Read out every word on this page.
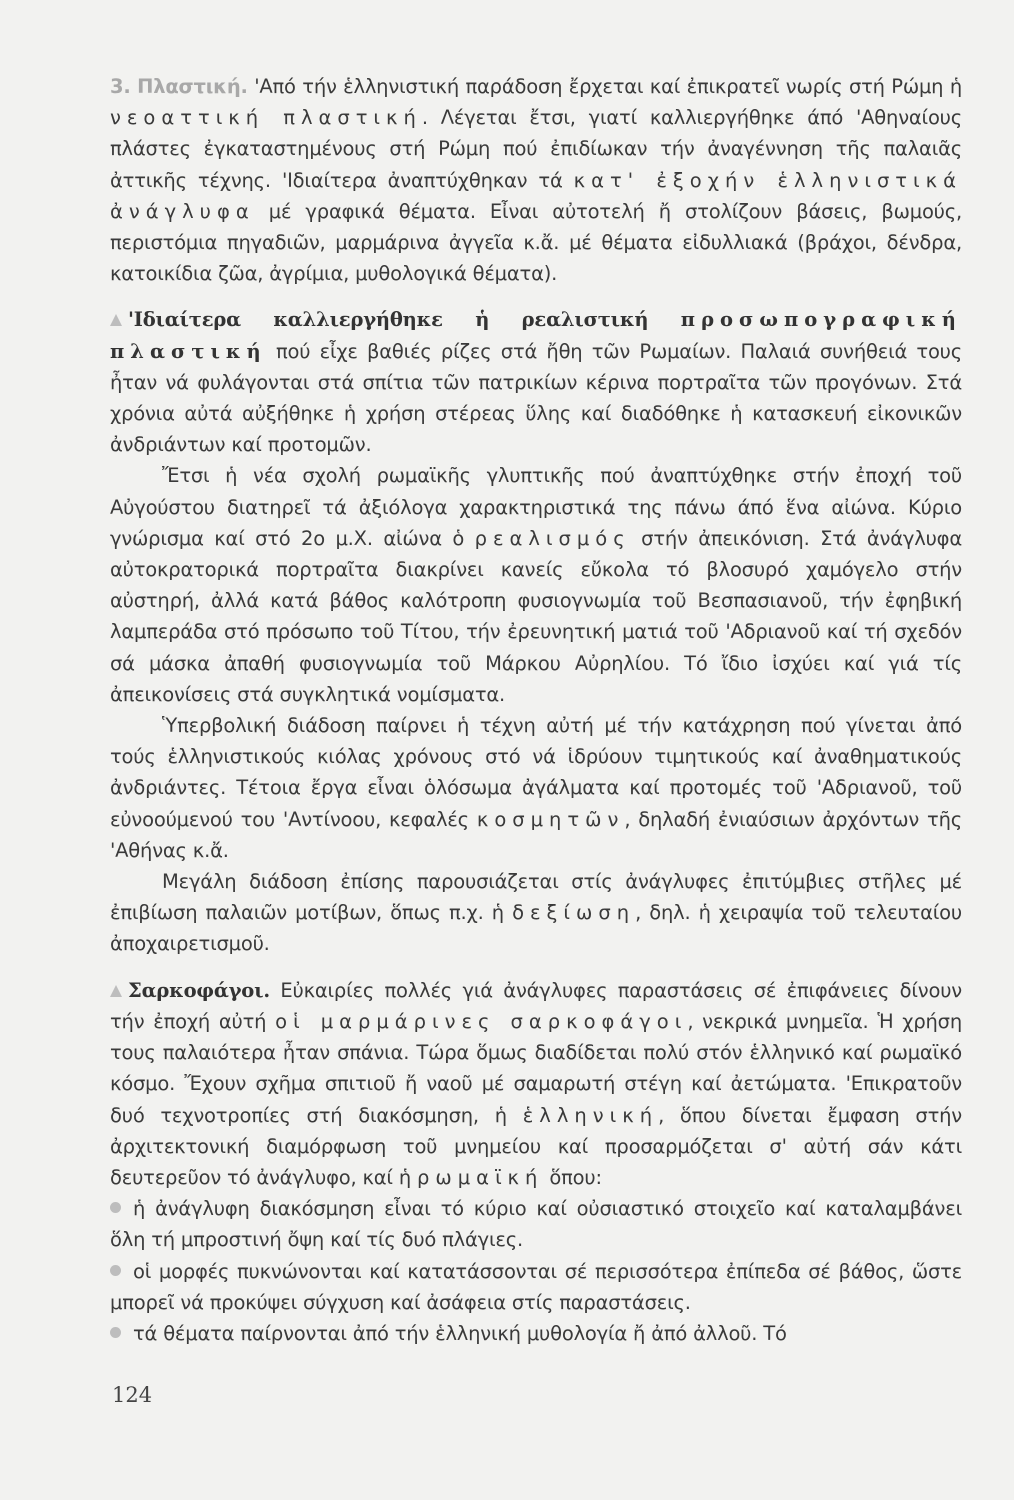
3. Πλαστική. 'Από τήν ἑλληνιστική παράδοση ἔρχεται καί ἐπικρατεῖ νωρίς στή Ρώμη ἡ νεοαττική πλαστική. Λέγεται ἔτσι, γιατί καλλιεργήθηκε άπό 'Αθηναίους πλάστες ἐγκαταστημένους στή Ρώμη πού ἐπιδίωκαν τήν ἀναγέννηση τῆς παλαιᾶς ἀττικῆς τέχνης. 'Ιδιαίτερα ἀναπτύχθηκαν τά κατ' ἐξοχήν ἑλληνιστικά ἀνάγλυφα μέ γραφικά θέματα. Εἶναι αὐτοτελή ἤ στολίζουν βάσεις, βωμούς, περιστόμια πηγαδιῶν, μαρμάρινα ἀγγεῖα κ.ἄ. μέ θέματα εἰδυλλιακά (βράχοι, δένδρα, κατοικίδια ζῶα, ἀγρίμια, μυθολογικά θέματα).

'Ιδιαίτερα καλλιεργήθηκε ἡ ρεαλιστική προσωπογραφική πλαστική πού εἶχε βαθιές ρίζες στά ἤθη τῶν Ρωμαίων. Παλαιά συνήθειά τους ἦταν νά φυλάγονται στά σπίτια τῶν πατρικίων κέρινα πορτραῖτα τῶν προγόνων. Στά χρόνια αὐτά αὐξήθηκε ἡ χρήση στέρεας ὕλης καί διαδόθηκε ἡ κατασκευή εἰκονικῶν ἀνδριάντων καί προτομῶν.

Ἔτσι ἡ νέα σχολή ρωμαϊκῆς γλυπτικῆς πού ἀναπτύχθηκε στήν ἐποχή τοῦ Αὐγούστου διατηρεῖ τά ἀξιόλογα χαρακτηριστικά της πάνω άπό ἕνα αἰώνα. Κύριο γνώρισμα καί στό 2ο μ.Χ. αἰώνα ὁ ρεαλισμός στήν ἀπεικόνιση. Στά ἀνάγλυφα αὐτοκρατορικά πορτραῖτα διακρίνει κανείς εὔκολα τό βλοσυρό χαμόγελο στήν αὐστηρή, ἀλλά κατά βάθος καλότροπη φυσιογνωμία τοῦ Βεσπασιανοῦ, τήν ἐφηβική λαμπεράδα στό πρόσωπο τοῦ Τίτου, τήν ἐρευνητική ματιά τοῦ 'Αδριανοῦ καί τή σχεδόν σά μάσκα ἀπαθή φυσιογνωμία τοῦ Μάρκου Αὐρηλίου. Τό ἴδιο ἰσχύει καί γιά τίς ἀπεικονίσεις στά συγκλητικά νομίσματα.

Ὑπερβολική διάδοση παίρνει ἡ τέχνη αὐτή μέ τήν κατάχρηση πού γίνεται ἀπό τούς ἑλληνιστικούς κιόλας χρόνους στό νά ἱδρύουν τιμητικούς καί ἀναθηματικούς ἀνδριάντες. Τέτοια ἔργα εἶναι ὁλόσωμα ἀγάλματα καί προτομές τοῦ 'Αδριανοῦ, τοῦ εὐνοούμενού του 'Αντίνοου, κεφαλές κοσμητῶν, δηλαδή ἐνιαύσιων ἀρχόντων τῆς 'Αθήνας κ.ἄ.

Μεγάλη διάδοση ἐπίσης παρουσιάζεται στίς ἀνάγλυφες ἐπιτύμβιες στῆλες μέ ἐπιβίωση παλαιῶν μοτίβων, ὅπως π.χ. ἡ δεξίωση, δηλ. ἡ χειραψία τοῦ τελευταίου ἀποχαιρετισμοῦ.

Σαρκοφάγοι. Εὐκαιρίες πολλές γιά ἀνάγλυφες παραστάσεις σέ ἐπιφάνειες δίνουν τήν ἐποχή αὐτή οἱ μαρμάρινες σαρκοφάγοι, νεκρικά μνημεῖα. Ἡ χρήση τους παλαιότερα ἦταν σπάνια. Τώρα ὅμως διαδίδεται πολύ στόν ἑλληνικό καί ρωμαϊκό κόσμο. Ἔχουν σχῆμα σπιτιοῦ ἤ ναοῦ μέ σαμαρωτή στέγη καί ἀετώματα. 'Επικρατοῦν δυό τεχνοτροπίες στή διακόσμηση, ἡ ἑλληνική, ὅπου δίνεται ἔμφαση στήν ἀρχιτεκτονική διαμόρφωση τοῦ μνημείου καί προσαρμόζεται σ' αὐτή σάν κάτι δευτερεῦον τό ἀνάγλυφο, καί ἡ ρωμαϊκή ὅπου:

ἡ ἀνάγλυφη διακόσμηση εἶναι τό κύριο καί οὐσιαστικό στοιχεῖο καί καταλαμβάνει ὅλη τή μπροστινή ὄψη καί τίς δυό πλάγιες.

οἱ μορφές πυκνώνονται καί κατατάσσονται σέ περισσότερα ἐπίπεδα σέ βάθος, ὥστε μπορεῖ νά προκύψει σύγχυση καί ἀσάφεια στίς παραστάσεις.

τά θέματα παίρνονται ἀπό τήν ἑλληνική μυθολογία ἤ ἀπό ἀλλοῦ. Τό

124
